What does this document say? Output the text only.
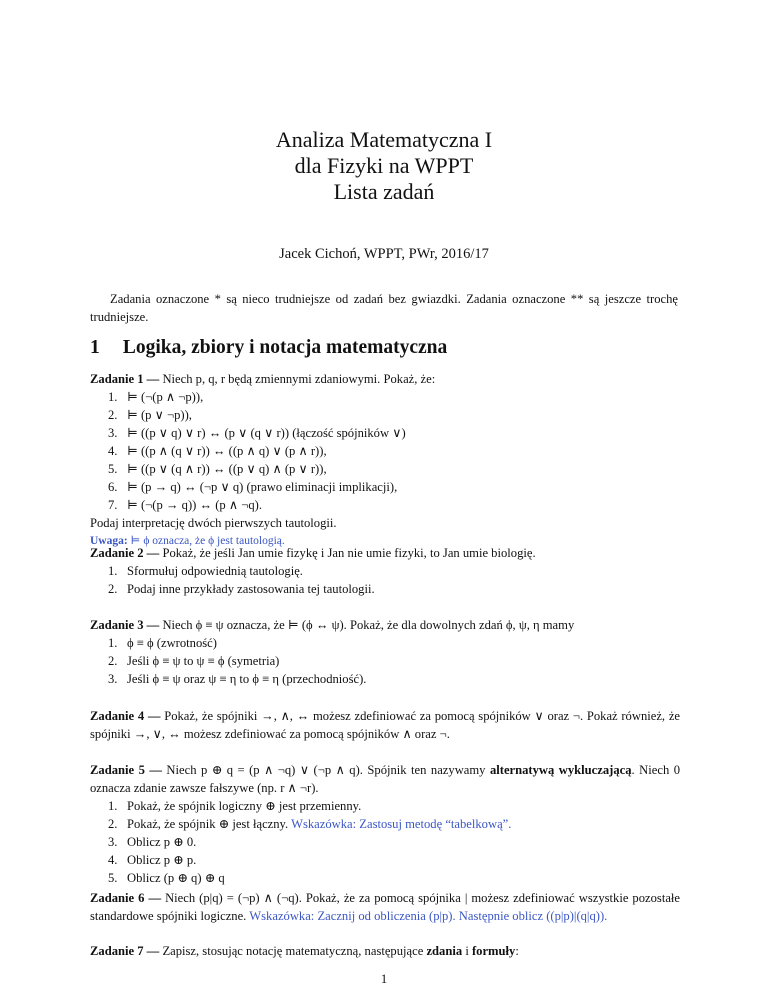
Analiza Matematyczna I

dla Fizyki na WPPT

Lista zadań

Jacek Cichoń, WPPT, PWr, 2016/17
Zadania oznaczone * są nieco trudniejsze od zadań bez gwiazdki. Zadania oznaczone ** są jeszcze trochę trudniejsze.
1 Logika, zbiory i notacja matematyczna
Zadanie 1 — Niech p, q, r będą zmiennymi zdaniowymi. Pokaż, że:
1. ⊨ (¬(p ∧ ¬p)),
2. ⊨ (p ∨ ¬p)),
3. ⊨ ((p ∨ q) ∨ r) ↔ (p ∨ (q ∨ r)) (łączość spójników ∨)
4. ⊨ ((p ∧ (q ∨ r)) ↔ ((p ∧ q) ∨ (p ∧ r)),
5. ⊨ ((p ∨ (q ∧ r)) ↔ ((p ∨ q) ∧ (p ∨ r)),
6. ⊨ (p → q) ↔ (¬p ∨ q) (prawo eliminacji implikacji),
7. ⊨ (¬(p → q)) ↔ (p ∧ ¬q).
Podaj interpretację dwóch pierwszych tautologii.
Uwaga: ⊨ ϕ oznacza, że ϕ jest tautologią.
Zadanie 2 — Pokaż, że jeśli Jan umie fizykę i Jan nie umie fizyki, to Jan umie biologię.
1. Sformułuj odpowiednią tautologię.
2. Podaj inne przykłady zastosowania tej tautologii.
Zadanie 3 — Niech ϕ ≡ ψ oznacza, że ⊨ (ϕ ↔ ψ). Pokaż, że dla dowolnych zdań ϕ, ψ, η mamy
1. ϕ ≡ ϕ (zwrotność)
2. Jeśli ϕ ≡ ψ to ψ ≡ ϕ (symetria)
3. Jeśli ϕ ≡ ψ oraz ψ ≡ η to ϕ ≡ η (przechodniość).
Zadanie 4 — Pokaż, że spójniki →, ∧, ↔ możesz zdefiniować za pomocą spójników ∨ oraz ¬. Pokaż również, że spójniki →, ∨, ↔ możesz zdefiniować za pomocą spójników ∧ oraz ¬.
Zadanie 5 — Niech p ⊕ q = (p ∧ ¬q) ∨ (¬p ∧ q). Spójnik ten nazywamy alternatywą wykluczającą. Niech 0 oznacza zdanie zawsze fałszywe (np. r ∧ ¬r).
1. Pokaż, że spójnik logiczny ⊕ jest przemienny.
2. Pokaż, że spójnik ⊕ jest łączny. Wskazówka: Zastosuj metodę “tabelkową”.
3. Oblicz p ⊕ 0.
4. Oblicz p ⊕ p.
5. Oblicz (p ⊕ q) ⊕ q
Zadanie 6 — Niech (p|q) = (¬p) ∧ (¬q). Pokaż, że za pomocą spójnika | możesz zdefiniować wszystkie pozostałe standardowe spójniki logiczne. Wskazówka: Zacznij od obliczenia (p|p). Następnie oblicz ((p|p)|(q|q)).
Zadanie 7 — Zapisz, stosując notację matematyczną, następujące zdania i formuły:
1
